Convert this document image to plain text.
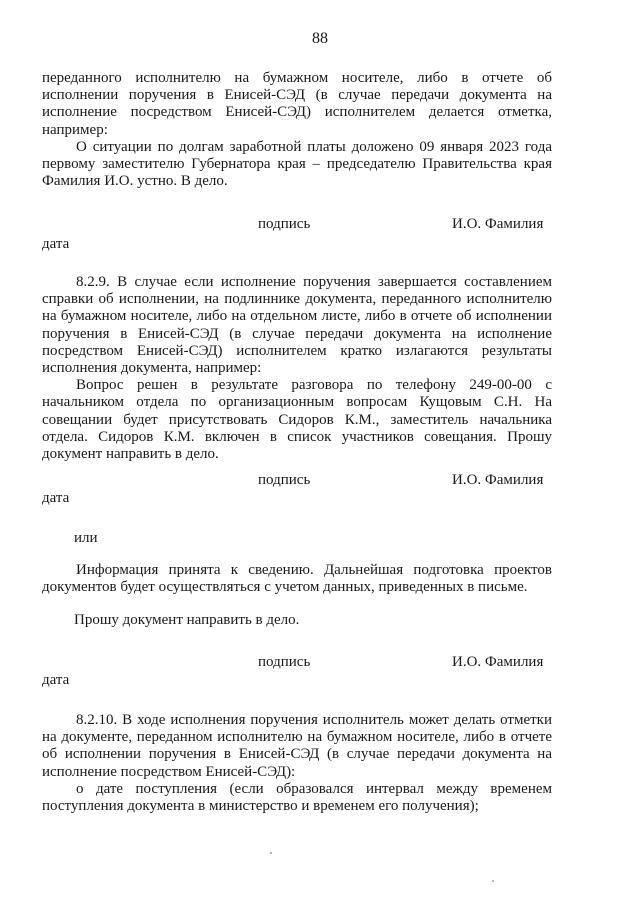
88

переданного исполнителю на бумажном носителе, либо в отчете об исполнении поручения в Енисей-СЭД (в случае передачи документа на исполнение посредством Енисей-СЭД) исполнителем делается отметка, например:

О ситуации по долгам заработной платы доложено 09 января 2023 года первому заместителю Губернатора края – председателю Правительства края Фамилия И.О. устно. В дело.

подпись	И.О. Фамилия
дата

8.2.9. В случае если исполнение поручения завершается составлением справки об исполнении, на подлиннике документа, переданного исполнителю на бумажном носителе, либо на отдельном листе, либо в отчете об исполнении поручения в Енисей-СЭД (в случае передачи документа на исполнение посредством Енисей-СЭД) исполнителем кратко излагаются результаты исполнения документа, например:

Вопрос решен в результате разговора по телефону 249-00-00 с начальником отдела по организационным вопросам Кущовым С.Н. На совещании будет присутствовать Сидоров К.М., заместитель начальника отдела. Сидоров К.М. включен в список участников совещания. Прошу документ направить в дело.

подпись	И.О. Фамилия
дата
или

Информация принята к сведению. Дальнейшая подготовка проектов документов будет осуществляться с учетом данных, приведенных в письме.

Прошу документ направить в дело.
подпись	И.О. Фамилия
дата

8.2.10. В ходе исполнения поручения исполнитель может делать отметки на документе, переданном исполнителю на бумажном носителе, либо в отчете об исполнении поручения в Енисей-СЭД (в случае передачи документа на исполнение посредством Енисей-СЭД):

о дате поступления (если образовался интервал между временем поступления документа в министерство и временем его получения);
